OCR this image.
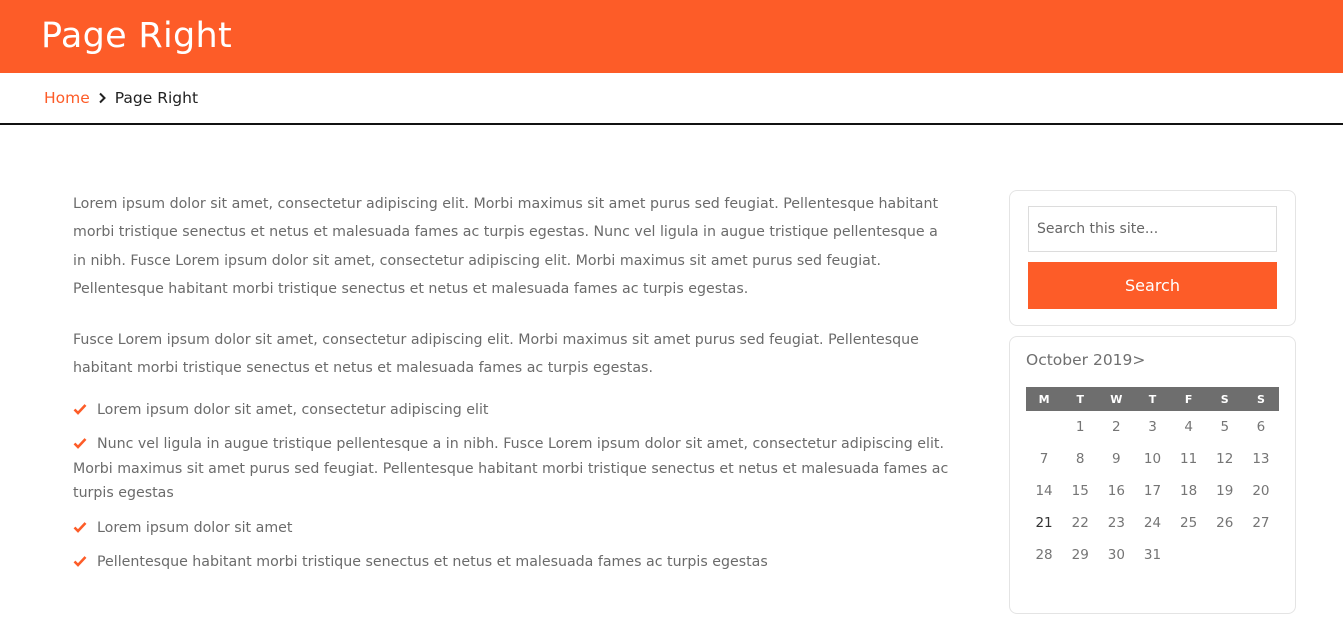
Page Right
Home Page Right

Lorem ipsum dolor sit amet, consectetur adipiscing elit. Morbi maximus sit amet purus sed feugiat. Pellentesque habitant morbi tristique senectus et netus et malesuada fames ac turpis egestas. Nunc vel ligula in augue tristique pellentesque a in nibh. Fusce Lorem ipsum dolor sit amet, consectetur adipiscing elit. Morbi maximus sit amet purus sed feugiat. Pellentesque habitant morbi tristique senectus et netus et malesuada fames ac turpis egestas.

Fusce Lorem ipsum dolor sit amet, consectetur adipiscing elit. Morbi maximus sit amet purus sed feugiat. Pellentesque habitant morbi tristique senectus et netus et malesuada fames ac turpis egestas.

Lorem ipsum dolor sit amet, consectetur adipiscing elit
Nunc vel ligula in augue tristique pellentesque a in nibh. Fusce Lorem ipsum dolor sit amet, consectetur adipiscing elit. Morbi maximus sit amet purus sed feugiat. Pellentesque habitant morbi tristique senectus et netus et malesuada fames ac turpis egestas
Lorem ipsum dolor sit amet
Pellentesque habitant morbi tristique senectus et netus et malesuada fames ac turpis egestas
Search this site...
Search
October 2019>
M	T	W	T	F	S	S
	1	2	3	4	5	6
7	8	9	10	11	12	13
14	15	16	17	18	19	20
21	22	23	24	25	26	27
28	29	30	31			
